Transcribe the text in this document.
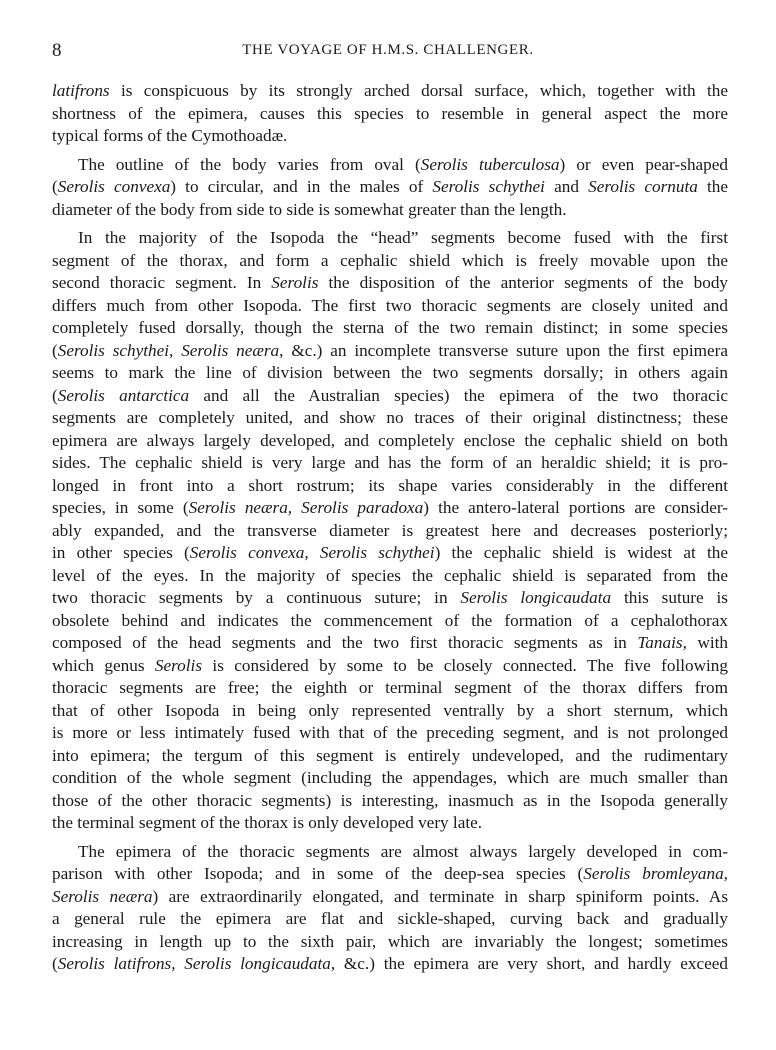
8	THE VOYAGE OF H.M.S. CHALLENGER.
latifrons is conspicuous by its strongly arched dorsal surface, which, together with the
shortness of the epimera, causes this species to resemble in general aspect the more
typical forms of the Cymothoadæ.
The outline of the body varies from oval (Serolis tuberculosa) or even pear-shaped
(Serolis convexa) to circular, and in the males of Serolis schythei and Serolis cornuta the
diameter of the body from side to side is somewhat greater than the length.
In the majority of the Isopoda the “head” segments become fused with the first
segment of the thorax, and form a cephalic shield which is freely movable upon the
second thoracic segment. In Serolis the disposition of the anterior segments of the body
differs much from other Isopoda. The first two thoracic segments are closely united and
completely fused dorsally, though the sterna of the two remain distinct; in some species
(Serolis schythei, Serolis neæra, &c.) an incomplete transverse suture upon the first epimera
seems to mark the line of division between the two segments dorsally; in others again
(Serolis antarctica and all the Australian species) the epimera of the two thoracic
segments are completely united, and show no traces of their original distinctness; these
epimera are always largely developed, and completely enclose the cephalic shield on both
sides. The cephalic shield is very large and has the form of an heraldic shield; it is pro-
longed in front into a short rostrum; its shape varies considerably in the different
species, in some (Serolis neæra, Serolis paradoxa) the antero-lateral portions are consider-
ably expanded, and the transverse diameter is greatest here and decreases posteriorly;
in other species (Serolis convexa, Serolis schythei) the cephalic shield is widest at the
level of the eyes. In the majority of species the cephalic shield is separated from the
two thoracic segments by a continuous suture; in Serolis longicaudata this suture is
obsolete behind and indicates the commencement of the formation of a cephalothorax
composed of the head segments and the two first thoracic segments as in Tanais, with
which genus Serolis is considered by some to be closely connected. The five following
thoracic segments are free; the eighth or terminal segment of the thorax differs from
that of other Isopoda in being only represented ventrally by a short sternum, which
is more or less intimately fused with that of the preceding segment, and is not prolonged
into epimera; the tergum of this segment is entirely undeveloped, and the rudimentary
condition of the whole segment (including the appendages, which are much smaller than
those of the other thoracic segments) is interesting, inasmuch as in the Isopoda generally
the terminal segment of the thorax is only developed very late.
The epimera of the thoracic segments are almost always largely developed in com-
parison with other Isopoda; and in some of the deep-sea species (Serolis bromleyana,
Serolis neæra) are extraordinarily elongated, and terminate in sharp spiniform points. As
a general rule the epimera are flat and sickle-shaped, curving back and gradually
increasing in length up to the sixth pair, which are invariably the longest; sometimes
(Serolis latifrons, Serolis longicaudata, &c.) the epimera are very short, and hardly exceed
